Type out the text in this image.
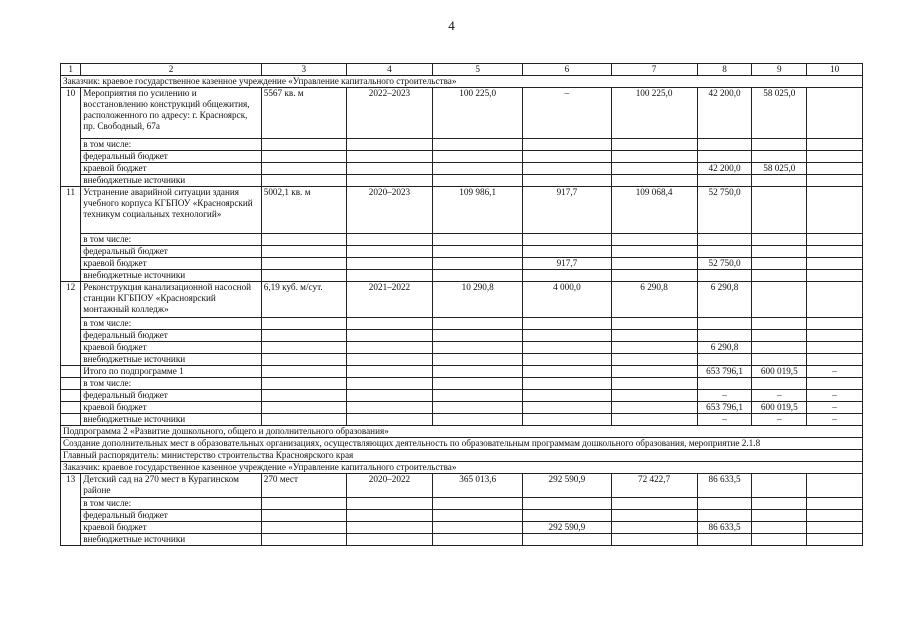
4
1	2	3	4	5	6	7	8	9	10
Заказчик: краевое государственное казенное учреждение «Управление капитального строительства»									
10	Мероприятия по усилению и восстановлению конструкций общежития, расположенного по адресу: г. Красноярск, пр. Свободный, 67а	5567 кв. м	2022–2023	100 225,0	–	100 225,0	42 200,0	58 025,0	
	в том числе:								
	федеральный бюджет								
	краевой бюджет						42 200,0	58 025,0	
	внебюджетные источники								
11	Устранение аварийной ситуации здания учебного корпуса КГБПОУ «Красноярский техникум социальных технологий»	5002,1 кв. м	2020–2023	109 986,1	917,7	109 068,4	52 750,0		
	в том числе:								
	федеральный бюджет								
	краевой бюджет				917,7		52 750,0		
	внебюджетные источники								
12	Реконструкция канализационной насосной станции КГБПОУ «Красноярский монтажный колледж»	6,19 куб. м/сут.	2021–2022	10 290,8	4 000,0	6 290,8	6 290,8		
	в том числе:								
	федеральный бюджет								
	краевой бюджет						6 290,8		
	внебюджетные источники								
	Итого по подпрограмме 1						653 796,1	600 019,5	–
	в том числе:								
	федеральный бюджет						–	–	–
	краевой бюджет						653 796,1	600 019,5	–
	внебюджетные источники						–	–	–
Подпрограмма 2 «Развитие дошкольного, общего и дополнительного образования»									
Создание дополнительных мест в образовательных организациях, осуществляющих деятельность по образовательным программам дошкольного образования, мероприятие 2.1.8									
Главный распорядитель: министерство строительства Красноярского края									
Заказчик: краевое государственное казенное учреждение «Управление капитального строительства»									
13	Детский сад на 270 мест в Курагинском районе	270 мест	2020–2022	365 013,6	292 590,9	72 422,7	86 633,5		
	в том числе:								
	федеральный бюджет								
	краевой бюджет				292 590,9		86 633,5		
	внебюджетные источники								
